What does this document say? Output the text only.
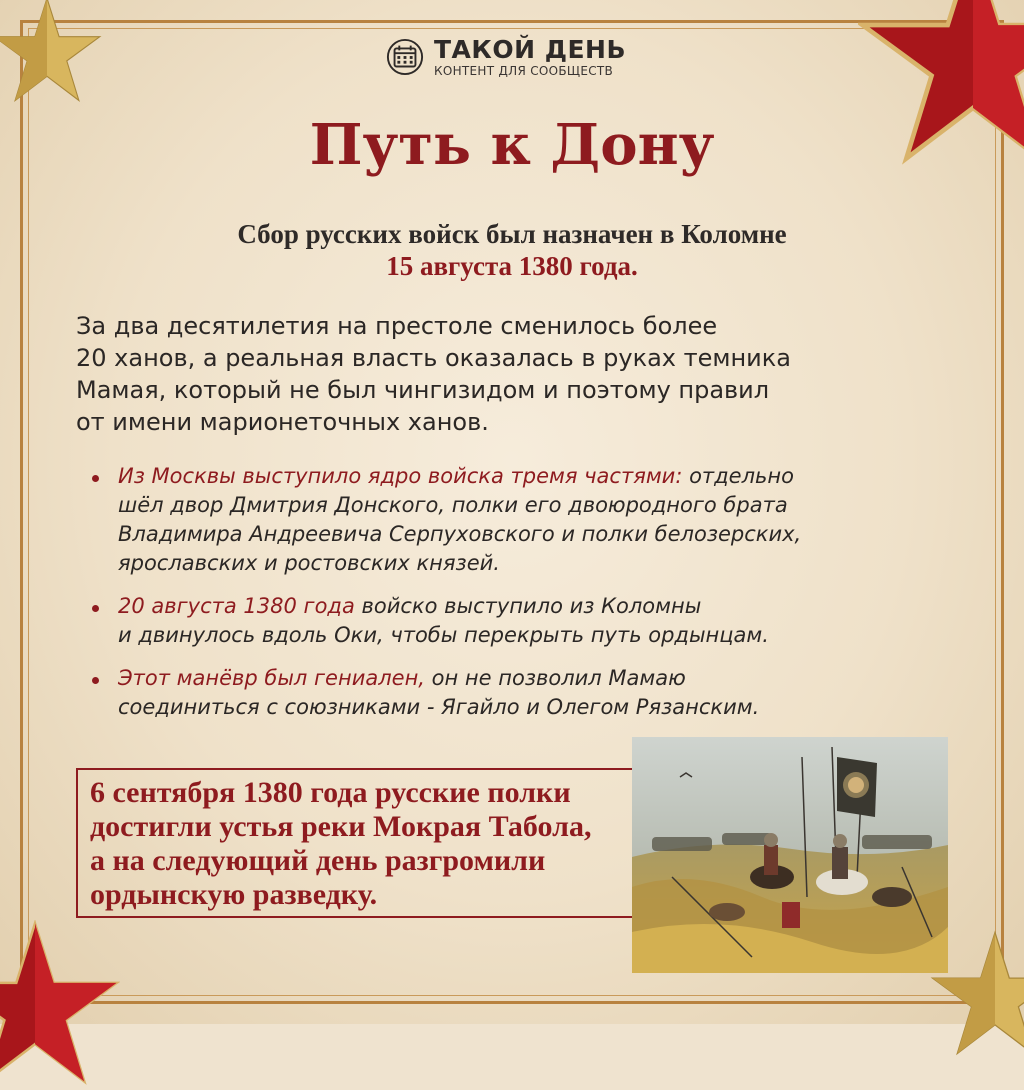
ТАКОЙ ДЕНЬ
КОНТЕНТ ДЛЯ СООБЩЕСТВ
Путь к Дону
Сбор русских войск был назначен в Коломне
15 августа 1380 года.
За два десятилетия на престоле сменилось более
20 ханов, а реальная власть оказалась в руках темника
Мамая, который не был чингизидом и поэтому правил
от имени марионеточных ханов.
Из Москвы выступило ядро войска тремя частями: отдельно
шёл двор Дмитрия Донского, полки его двоюродного брата
Владимира Андреевича Серпуховского и полки белозерских,
ярославских и ростовских князей.
20 августа 1380 года войско выступило из Коломны
и двинулось вдоль Оки, чтобы перекрыть путь ордынцам.
Этот манёвр был гениален, он не позволил Мамаю
соединиться с союзниками - Ягайло и Олегом Рязанским.
6 сентября 1380 года русские полки
достигли устья реки Мокрая Табола,
а на следующий день разгромили
ордынскую разведку.
